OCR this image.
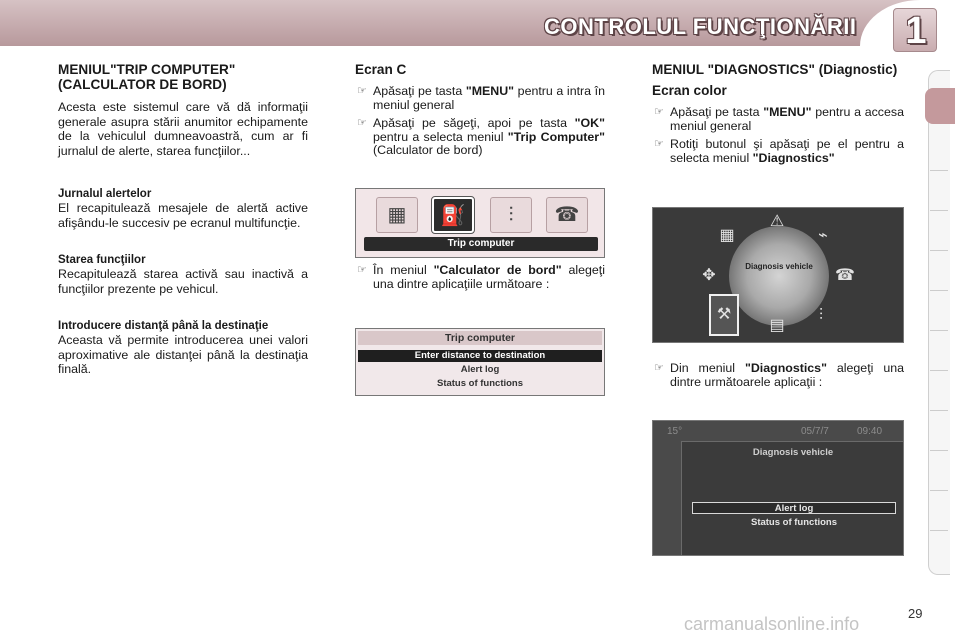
CONTROLUL FUNCŢIONĂRII	1
MENIUL"TRIP COMPUTER" (CALCULATOR DE BORD)

Acesta este sistemul care vă dă informaţii generale asupra stării anumitor echipamente de la vehiculul dumneavoastră, cum ar fi jurnalul de alerte, starea funcţiilor...

Jurnalul alertelor

El recapitulează mesajele de alertă active afişându-le succesiv pe ecranul multifuncţie.

Starea funcţiilor

Recapitulează starea activă sau inactivă a funcţiilor prezente pe vehicul.

Introducere distanţă până la destinaţie

Aceasta vă permite introducerea unei valori aproximative ale distanţei până la destinaţia finală.

Ecran C
☞ Apăsaţi pe tasta "MENU" pentru a intra în meniul general
☞ Apăsaţi pe săgeţi, apoi pe tasta "OK" pentru a selecta meniul "Trip Computer" (Calculator de bord)
▦	⛽	⫶	☎
Trip computer
☞ În meniul "Calculator de bord" alegeţi una dintre aplicaţiile următoare :
Trip computer
Enter distance to destination
Alert log
Status of functions
MENIUL "DIAGNOSTICS" (Diagnostic)
Ecran color
☞ Apăsaţi pe tasta "MENU" pentru a accesa meniul general
☞ Rotiţi butonul şi apăsaţi pe el pentru a selecta meniul "Diagnostics"
Diagnosis vehicle
⚠
▦	⌁
✥	☎
⚒
▤
⫶
☞ Din meniul "Diagnostics" alegeţi una dintre următoarele aplicaţii :
15°	05/7/7	09:40
Diagnosis vehicle
Alert log
Status of functions
29
carmanualsonline.info
